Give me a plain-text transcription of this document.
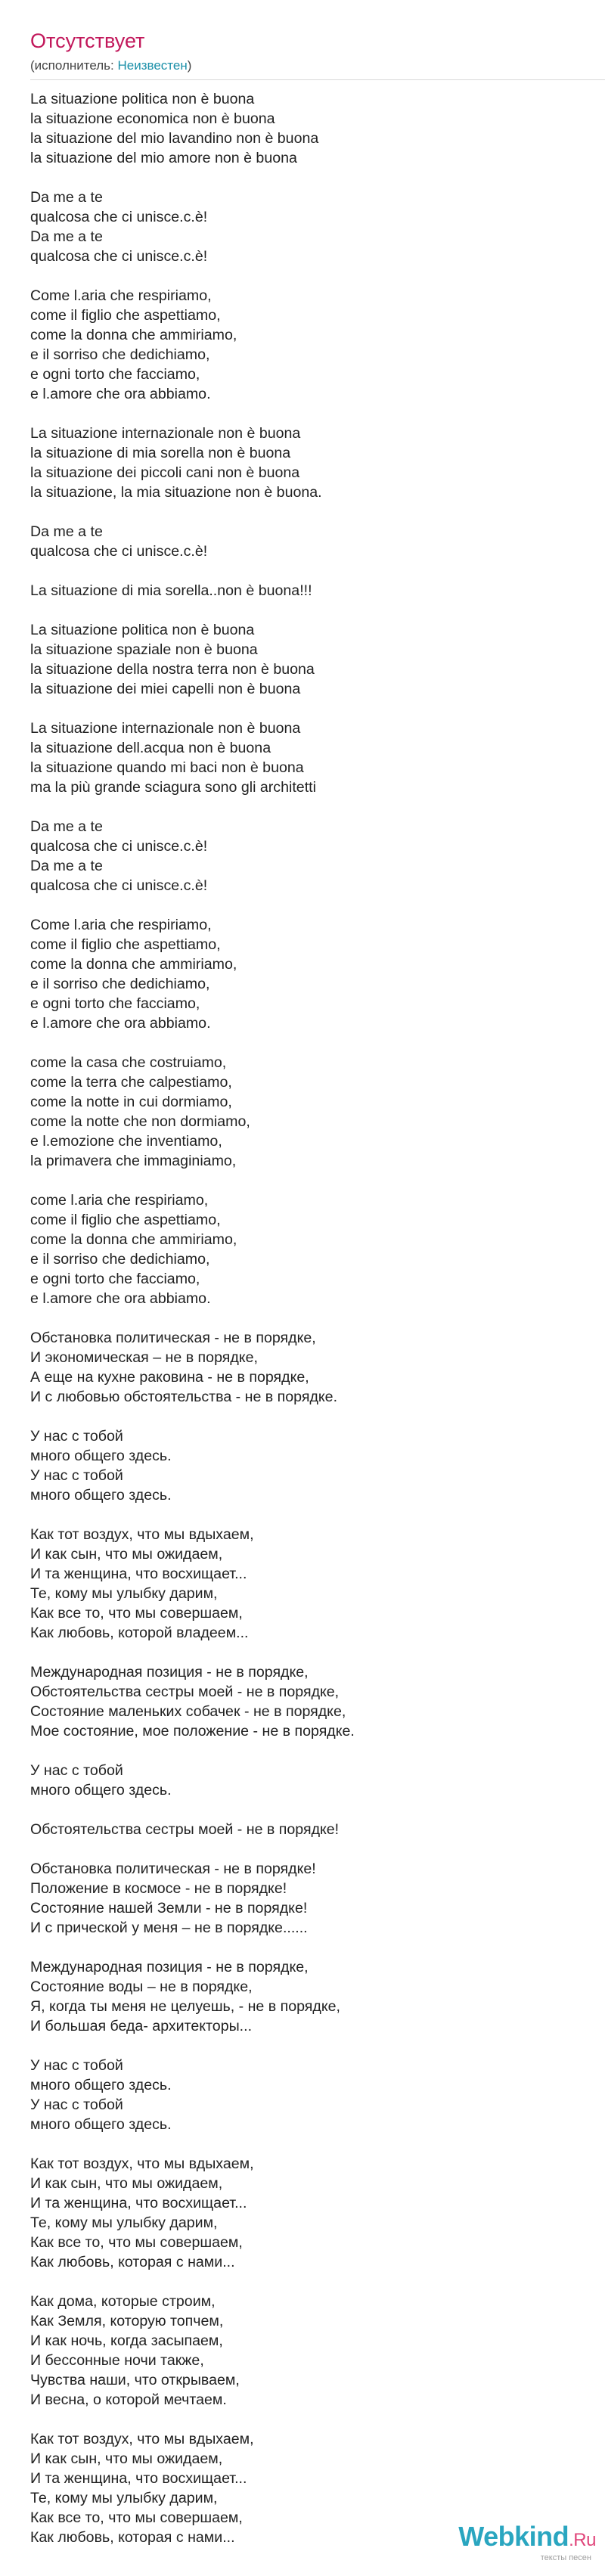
Отсутствует
(исполнитель: Неизвестен)
La situazione politica non è buona
la situazione economica non è buona
la situazione del mio lavandino non è buona
la situazione del mio amore non è buona
Da me a te
qualcosa che ci unisce.c.è!
Da me a te
qualcosa che ci unisce.c.è!
Come l.aria che respiriamo,
come il figlio che aspettiamo,
come la donna che ammiriamo,
e il sorriso che dedichiamo,
e ogni torto che facciamo,
e l.amore che ora abbiamo.
La situazione internazionale non è buona
la situazione di mia sorella non è buona
la situazione dei piccoli cani non è buona
la situazione, la mia situazione non è buona.
Da me a te
qualcosa che ci unisce.c.è!
La situazione di mia sorella..non è buona!!!
La situazione politica non è buona
la situazione spaziale non è buona
la situazione della nostra terra non è buona
la situazione dei miei capelli non è buona
La situazione internazionale non è buona
la situazione dell.acqua non è buona
la situazione quando mi baci non è buona
ma la più grande sciagura sono gli architetti
Da me a te
qualcosa che ci unisce.c.è!
Da me a te
qualcosa che ci unisce.c.è!
Come l.aria che respiriamo,
come il figlio che aspettiamo,
come la donna che ammiriamo,
e il sorriso che dedichiamo,
e ogni torto che facciamo,
e l.amore che ora abbiamo.
come la casa che costruiamo,
come la terra che calpestiamo,
come la notte in cui dormiamo,
come la notte che non dormiamo,
e l.emozione che inventiamo,
la primavera che immaginiamo,
come l.aria che respiriamo,
come il figlio che aspettiamo,
come la donna che ammiriamo,
e il sorriso che dedichiamo,
e ogni torto che facciamo,
e l.amore che ora abbiamo.
Обстановка политическая - не в порядке,
И экономическая – не в порядке,
А еще на кухне раковина - не в порядке,
И с любовью обстоятельства - не в порядке.
У нас с тобой
много общего здесь.
У нас с тобой
много общего здесь.
Как тот воздух, что мы вдыхаем,
И как сын, что мы ожидаем,
И та женщина, что восхищает...
Те, кому мы улыбку дарим,
Как все то, что мы совершаем,
Как любовь, которой владеем...
Международная позиция - не в порядке,
Обстоятельства сестры моей - не в порядке,
Состояние маленьких собачек - не в порядке,
Мое состояние, мое положение - не в порядке.
У нас с тобой
много общего здесь.
Обстоятельства сестры моей - не в порядке!
Обстановка политическая - не в порядке!
Положение в космосе - не в порядке!
Состояние нашей Земли - не в порядке!
И с прической у меня – не в порядке......
Международная позиция - не в порядке,
Состояние воды – не в порядке,
Я, когда ты меня не целуешь, - не в порядке,
И большая беда- архитекторы...
У нас с тобой
много общего здесь.
У нас с тобой
много общего здесь.
Как тот воздух, что мы вдыхаем,
И как сын, что мы ожидаем,
И та женщина, что восхищает...
Те, кому мы улыбку дарим,
Как все то, что мы совершаем,
Как любовь, которая с нами...
Как дома, которые строим,
Как Земля, которую топчем,
И как ночь, когда засыпаем,
И бессонные ночи также,
Чувства наши, что открываем,
И весна, о которой мечтаем.
Как тот воздух, что мы вдыхаем,
И как сын, что мы ожидаем,
И та женщина, что восхищает...
Те, кому мы улыбку дарим,
Как все то, что мы совершаем,
Как любовь, которая с нами...	Webkind.Ru
тексты песен
